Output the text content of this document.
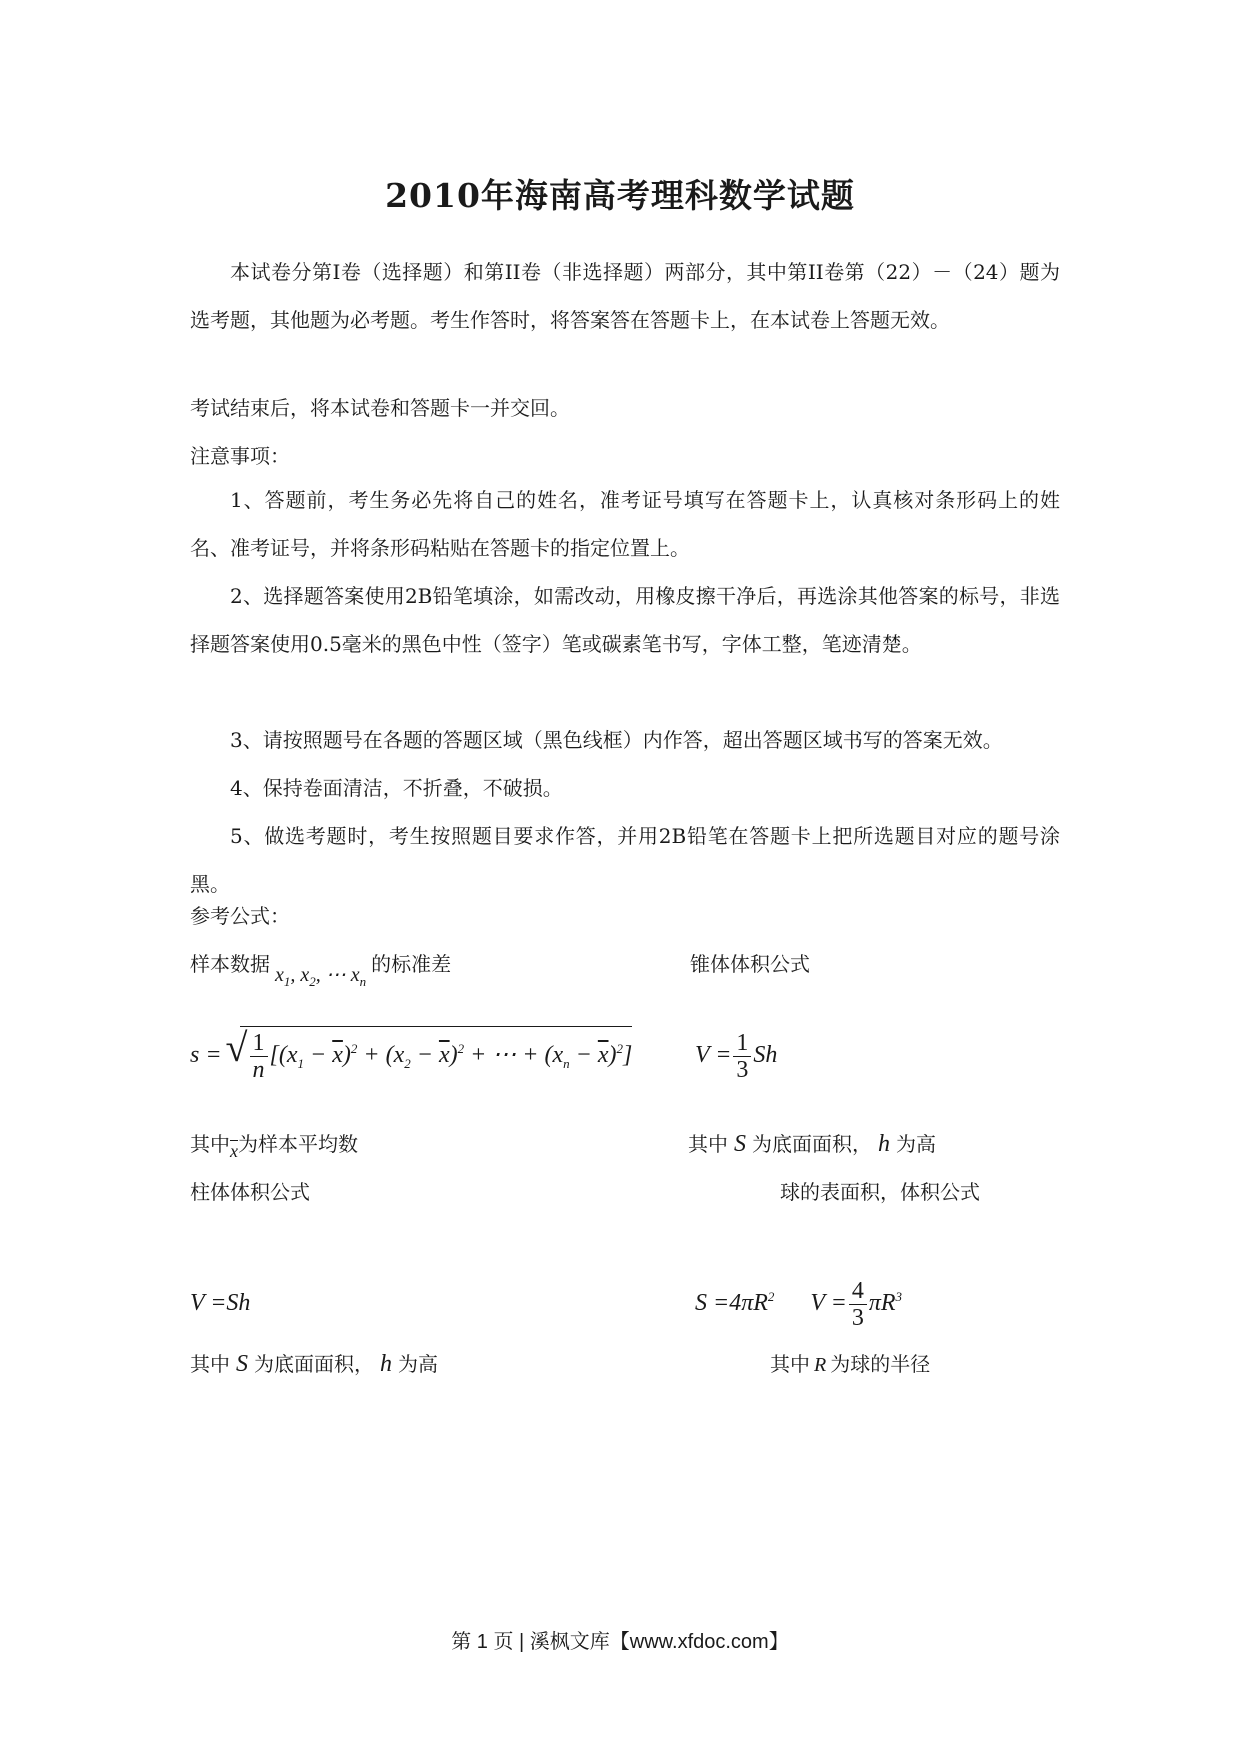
2010年海南高考理科数学试题
本试卷分第I卷（选择题）和第II卷（非选择题）两部分，其中第II卷第（22）－（24）题为选考题，其他题为必考题。考生作答时，将答案答在答题卡上，在本试卷上答题无效。
考试结束后，将本试卷和答题卡一并交回。
注意事项：
1、答题前，考生务必先将自己的姓名，准考证号填写在答题卡上，认真核对条形码上的姓名、准考证号，并将条形码粘贴在答题卡的指定位置上。
2、选择题答案使用2B铅笔填涂，如需改动，用橡皮擦干净后，再选涂其他答案的标号，非选择题答案使用0.5毫米的黑色中性（签字）笔或碳素笔书写，字体工整，笔迹清楚。
3、请按照题号在各题的答题区域（黑色线框）内作答，超出答题区域书写的答案无效。
4、保持卷面清洁，不折叠，不破损。
5、做选考题时，考生按照题目要求作答，并用2B铅笔在答题卡上把所选题目对应的题号涂黑。
参考公式：
样本数据 $x_1$, $x_2$, ⋯ $x_n$ 的标准差	锥体体积公式
s = √ $\frac{1}{n} [(x_1 - \overline{x})^2 + (x_2 - \overline{x})^2$ + ⋯ + $(x_n - \overline{x})^2$]	$V = \frac{1}{3}$ Sh
其中$\overline{x}$为样本平均数	其中 S 为底面面积， h 为高
柱体体积公式	球的表面积，体积公式
V =Sh	$S =4\pi R^2$      $V = \frac{4}{3} \pi R^3$
其中 S 为底面面积， h 为高	其中 R 为球的半径
第 1 页 | 溪枫文库【www.xfdoc.com】
